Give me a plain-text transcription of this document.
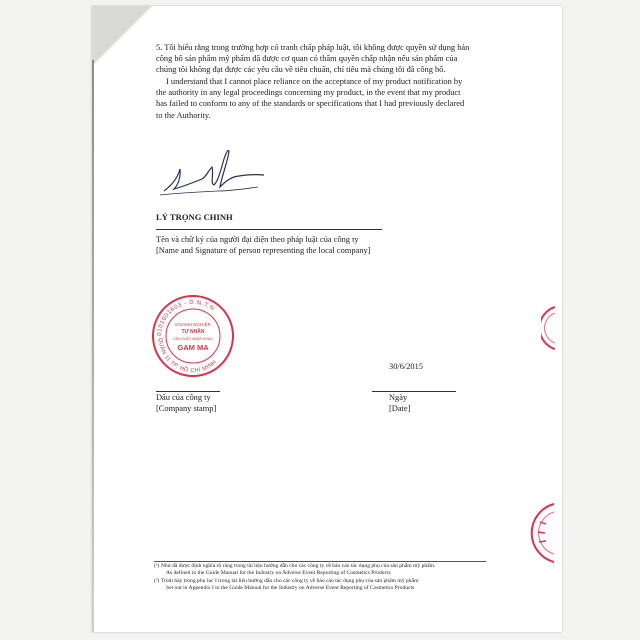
5. Tôi hiểu rằng trong trường hợp có tranh chấp pháp luật, tôi không được quyền sử dụng bản
công bố sản phẩm mỹ phẩm đã được cơ quan có thẩm quyền chấp nhận nếu sản phẩm của
chúng tôi không đạt được các yêu cầu về tiêu chuẩn, chỉ tiêu mà chúng tôi đã công bố.
I understand that I cannot place reliance on the acceptance of my product notification by
the authority in any legal proceedings concerning my product, in the event that my product
has failed to conform to any of the standards or specifications that I had previously declared
to the Authority.
LÝ TRỌNG CHINH
Tên và chữ ký của người đại diện theo pháp luật của công ty
[Name and Signature of person representing the local company]
0101001603 - D.N.T.N
QUẬN 11 TP. HỒ CHÍ MINH
DOANH NGHIỆP
TƯ NHÂN
CÂN XUẤT NHẬP KHẨU
GAM MA
30/6/2015
Dấu của công ty
[Company stamp]
Ngày
[Date]
(¹) Như đã được định nghĩa rõ ràng trong tài liệu hướng dẫn cho các công ty về báo cáo tác dụng phụ của sản phẩm mỹ phẩm.
As defined in the Guide Manual for the Industry on Adverse Event Reporting of Cosmetics Products
(²) Trình bày trong phụ lục I trong tài liệu hướng dẫn cho các công ty về báo cáo tác dụng phụ của sản phẩm mỹ phẩm
Set out in Appendix I to the Guide Manual for the Industry on Adverse Event Reporting of Cosmetics Products
